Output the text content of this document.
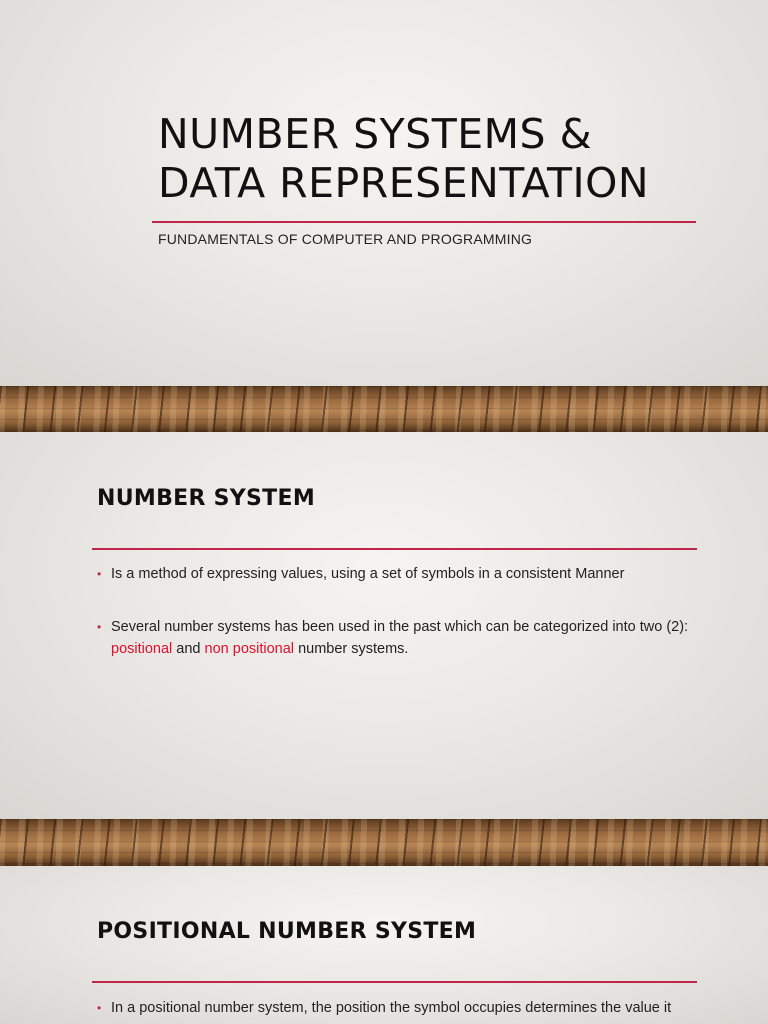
NUMBER SYSTEMS &
DATA REPRESENTATION
FUNDAMENTALS OF COMPUTER AND PROGRAMMING
NUMBER SYSTEM
• Is a method of expressing values, using a set of symbols in a consistent Manner
• Several number systems has been used in the past which can be categorized into two (2): positional and non positional number systems.
POSITIONAL NUMBER SYSTEM
• In a positional number system, the position the symbol occupies determines the value it
